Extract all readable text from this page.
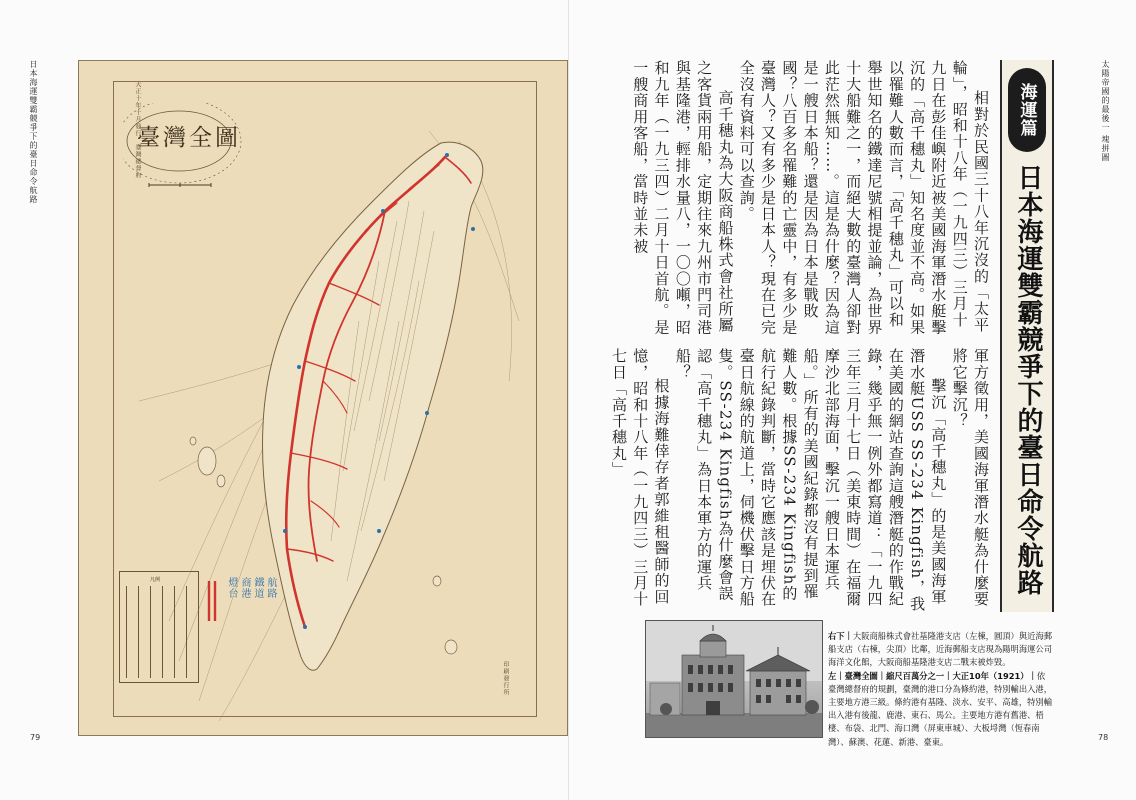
日本海運雙霸競爭下的臺日命令航路
79
臺灣全圖
大正十年十月發行　臺灣總督府
印刷發行所
凡例	航路
鐵道
商港
燈台
太陽帝國的最後一
塊拼圖
78
海運篇
日本海運雙霸競爭下的臺日命令航路

相對於民國三十八年沉沒的「太平輪」，昭和十八年（一九四三）三月十九日在彭佳嶼附近被美國海軍潛水艇擊沉的「高千穗丸」知名度並不高。如果以罹難人數而言，「高千穗丸」可以和舉世知名的鐵達尼號相提並論，為世界十大船難之一，而絕大數的臺灣人卻對此茫然無知……。這是為什麼？因為這是一艘日本船？還是因為日本是戰敗國？八百多名罹難的亡靈中，有多少是臺灣人？又有多少是日本人？現在已完全沒有資料可以查詢。

高千穗丸為大阪商船株式會社所屬之客貨兩用船，定期往來九州市門司港與基隆港，輕排水量八，一〇〇噸，昭和九年（一九三四）二月十日首航。是一艘商用客船，當時並未被

軍方徵用，美國海軍潛水艇為什麼要將它擊沉？

擊沉「高千穗丸」的是美國海軍潛水艇USS SS-234 Kingfish，我在美國的網站查詢這艘潛艇的作戰紀錄，幾乎無一例外都寫道：「一九四三年三月十七日（美東時間）在福爾摩沙北部海面，擊沉一艘日本運兵船。」所有的美國紀錄都沒有提到罹難人數。根據SS-234 Kingfish的航行紀錄判斷，當時它應該是埋伏在臺日航線的航道上，伺機伏擊日方船隻。SS-234 Kingfish為什麼會誤認「高千穗丸」為日本軍方的運兵船？

根據海難倖存者郭維租醫師的回憶，昭和十八年（一九四三）三月十七日「高千穗丸」

右下｜大阪商船株式會社基隆港支店（左棟，圓頂）與近海郵船支店（右棟，尖頂）比鄰，近海郵船支店現為陽明海運公司海洋文化館，大阪商船基隆港支店二戰末被炸毀。

左｜臺灣全圖｜縮尺百萬分之一｜大正10年（1921）｜依臺灣總督府的規劃，臺灣的港口分為條約港，特別輸出入港，主要地方港三級。條約港有基隆、淡水、安平、高雄，特別輸出入港有後龍、鹿港、東石、馬公。主要地方港有舊港、梧棲、布袋、北門、海口灣（屏東車城）、大板埒灣（恆春南灣）、蘇澳、花蓮、新港、臺東。
